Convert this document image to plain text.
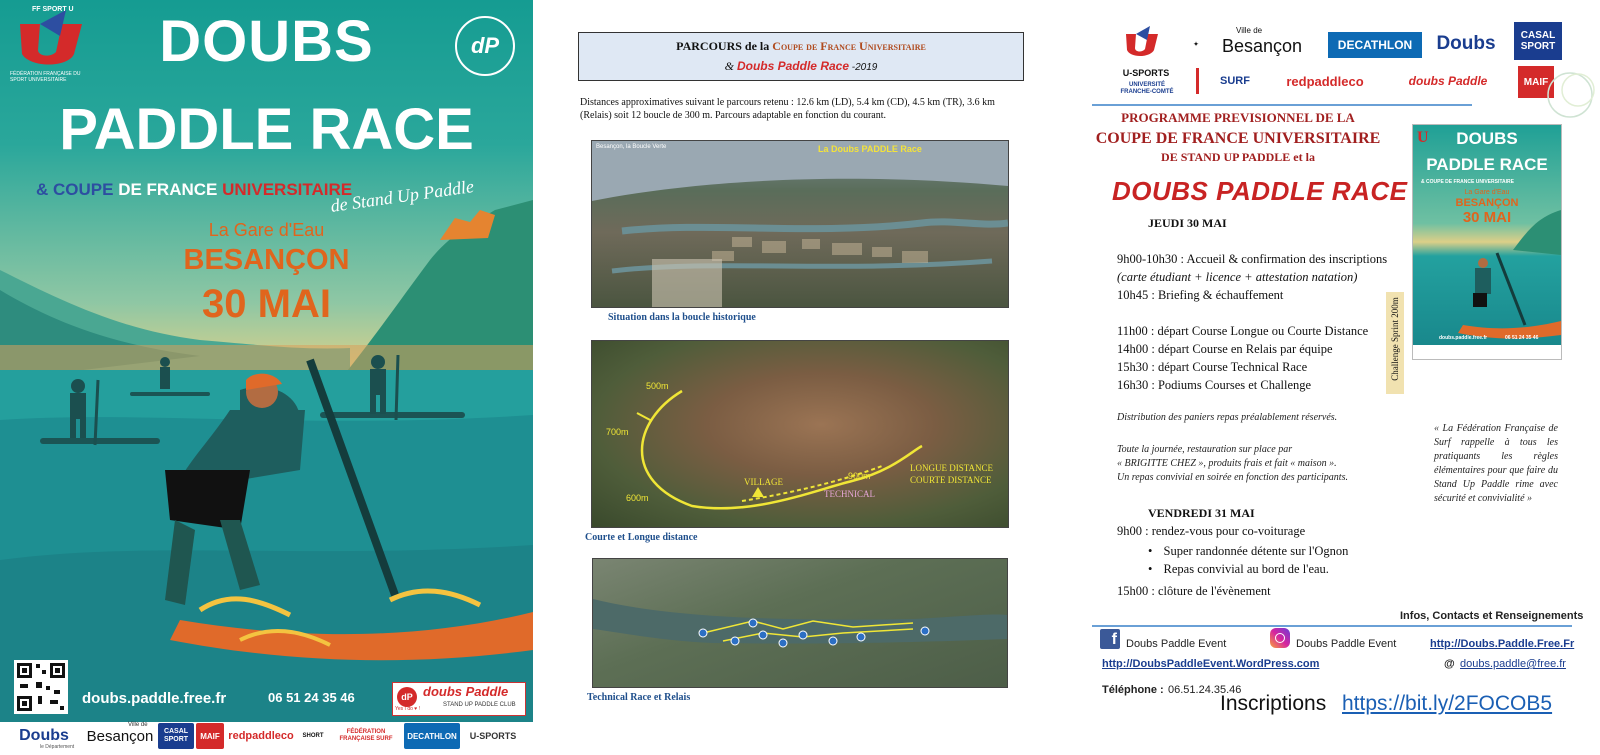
FÉDÉRATION FRANÇAISE DU SPORT UNIVERSITAIRE
FF SPORT U
dP
DOUBS
PADDLE RACE
& COUPE DE FRANCE UNIVERSITAIRE
de Stand Up Paddle
La Gare d'Eau
BESANÇON
30 MAI
doubs.paddle.free.fr	06 51 24 35 46	dP doubs Paddle
Yes I do ♥ !
STAND UP PADDLE CLUB
Doubs
le Département
Besançon
Ville de
CASAL SPORT	MAIF redpaddleco	SHORT
FÉDÉRATION FRANÇAISE SURF	DECATHLON	U-SPORTS
PARCOURS de la Coupe de France Universitaire
& Doubs Paddle Race -2019
Distances approximatives suivant le parcours retenu : 12.6 km (LD), 5.4 km (CD), 4.5 km (TR), 3.6 km (Relais) soit 12 boucle de 300 m. Parcours adaptable en fonction du courant.
Besançon, la Boucle Verte	La Doubs PADDLE Race
Situation dans la boucle historique
500m
700m
600m
VILLAGE
900m
TECHNICAL
LONGUE DISTANCE
COURTE DISTANCE
Courte et Longue distance
Technical Race et Relais
✦
Ville de
Besançon	DECATHLON	Doubs	CASAL SPORT
U-SPORTS
UNIVERSITÉ FRANCHE-COMTÉ
SURF	redpaddleco	doubs Paddle	MAIF
PROGRAMME PREVISIONNEL DE LA
COUPE DE FRANCE UNIVERSITAIRE
DE STAND UP PADDLE et la
DOUBS PADDLE RACE
JEUDI 30 MAI
9h00-10h30 : Accueil & confirmation des inscriptions
(carte étudiant + licence + attestation natation)
10h45 : Briefing & échauffement
11h00 : départ Course Longue ou Courte Distance
14h00 : départ Course en Relais par équipe
15h30 : départ Course Technical Race
16h30 : Podiums Courses et Challenge
Challenge Sprint 200m
Distribution des paniers repas préalablement réservés.
Toute la journée, restauration sur place par
« BRIGITTE CHEZ », produits frais et fait « maison ».
Un repas convivial en soirée en fonction des participants.
« La Fédération Française de Surf rappelle à tous les pratiquants les règles élémentaires pour que faire du Stand Up Paddle rime avec sécurité et convivialité »
VENDREDI 31 MAI
9h00 : rendez-vous pour co-voiturage
• Super randonnée détente sur l'Ognon
• Repas convivial au bord de l'eau.
15h00 : clôture de l'évènement
U	DOUBS
PADDLE RACE
& COUPE DE FRANCE UNIVERSITAIRE
La Gare d'Eau
BESANÇON
30 MAI
doubs.paddle.free.fr	06 51 24 35 46
Infos, Contacts et Renseignements
f Doubs Paddle Event	Doubs Paddle Event	http://Doubs.Paddle.Free.Fr
http://DoubsPaddleEvent.WordPress.com	@ doubs.paddle@free.fr
Téléphone : 06.51.24.35.46
Inscriptions https://bit.ly/2FOCOB5
